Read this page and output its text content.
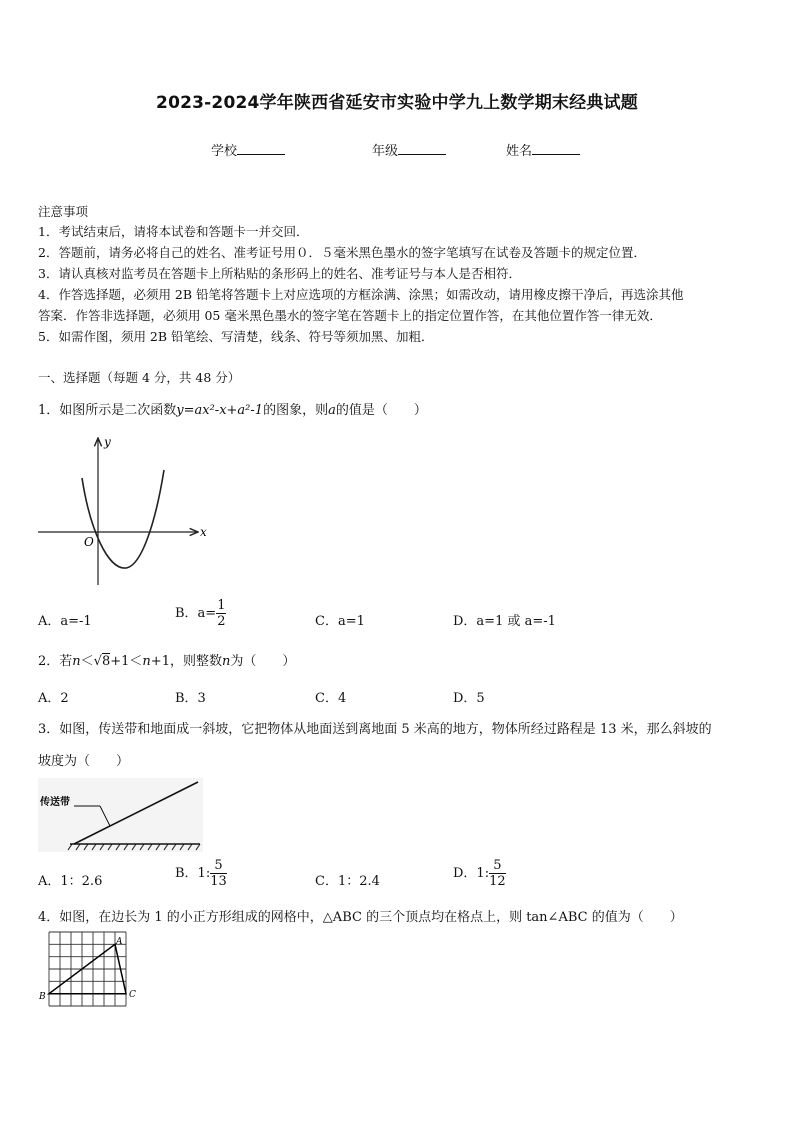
2023-2024学年陕西省延安市实验中学九上数学期末经典试题
学校	年级	姓名
注意事项
1．考试结束后，请将本试卷和答题卡一并交回．
2．答题前，请务必将自己的姓名、准考证号用０．５毫米黑色墨水的签字笔填写在试卷及答题卡的规定位置．
3．请认真核对监考员在答题卡上所粘贴的条形码上的姓名、准考证号与本人是否相符．
4．作答选择题，必须用 2B 铅笔将答题卡上对应选项的方框涂满、涂黑；如需改动，请用橡皮擦干净后，再选涂其他
答案．作答非选择题，必须用 05 毫米黑色墨水的签字笔在答题卡上的指定位置作答，在其他位置作答一律无效．
5．如需作图，须用 2B 铅笔绘、写清楚，线条、符号等须加黑、加粗．
一、选择题（每题 4 分，共 48 分）
1．如图所示是二次函数y=ax²-x+a²-1的图象，则a的值是（　　）
y
x
O
A．a=-1
B．$a= \frac{1}{2}$	C．a=1	D．a=1 或 a=-1
2．若n＜√8+1＜n+1，则整数n为（　　）
A．2	B．3	C．4	D．5
3．如图，传送带和地面成一斜坡，它把物体从地面送到离地面 5 米高的地方，物体所经过路程是 13 米，那么斜坡的
坡度为（　　）
传送带
A．1：2.6
B．1: $\frac{5}{13}$	C．1：2.4
D．1: $\frac{5}{12}$
4．如图，在边长为 1 的小正方形组成的网格中，△ABC 的三个顶点均在格点上，则 tan∠ABC 的值为（　　）
A
B	C
